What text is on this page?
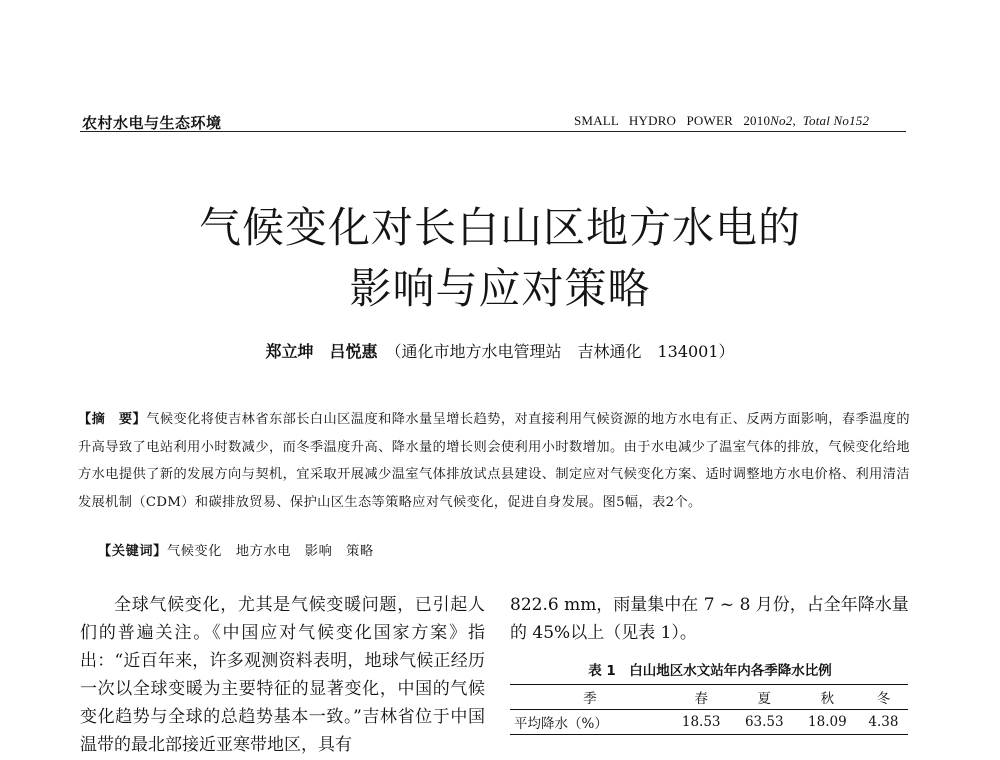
农村水电与生态环境	SMALL   HYDRO   POWER   2010No2,  Total No152
气候变化对长白山区地方水电的
影响与应对策略
郑立坤　吕悦惠 （通化市地方水电管理站　吉林通化　134001）
【摘　要】气候变化将使吉林省东部长白山区温度和降水量呈增长趋势，对直接利用气候资源的地方水电有正、反两方面影响，春季温度的升高导致了电站利用小时数减少，而冬季温度升高、降水量的增长则会使利用小时数增加。由于水电减少了温室气体的排放，气候变化给地方水电提供了新的发展方向与契机，宜采取开展减少温室气体排放试点县建设、制定应对气候变化方案、适时调整地方水电价格、利用清洁发展机制（CDM）和碳排放贸易、保护山区生态等策略应对气候变化，促进自身发展。图5幅，表2个。
【关键词】气候变化　地方水电　影响　策略
全球气候变化，尤其是气候变暖问题，已引起人们的普遍关注。《中国应对气候变化国家方案》指出：“近百年来，许多观测资料表明，地球气候正经历一次以全球变暖为主要特征的显著变化，中国的气候变化趋势与全球的总趋势基本一致。”吉林省位于中国温带的最北部接近亚寒带地区，具有
822.6 mm，雨量集中在 7 ~ 8 月份，占全年降水量的 45%以上（见表 1）。
表 1　白山地区水文站年内各季降水比例
季	春	夏	秋	冬
平均降水（%）	18.53	63.53	18.09	4.38
